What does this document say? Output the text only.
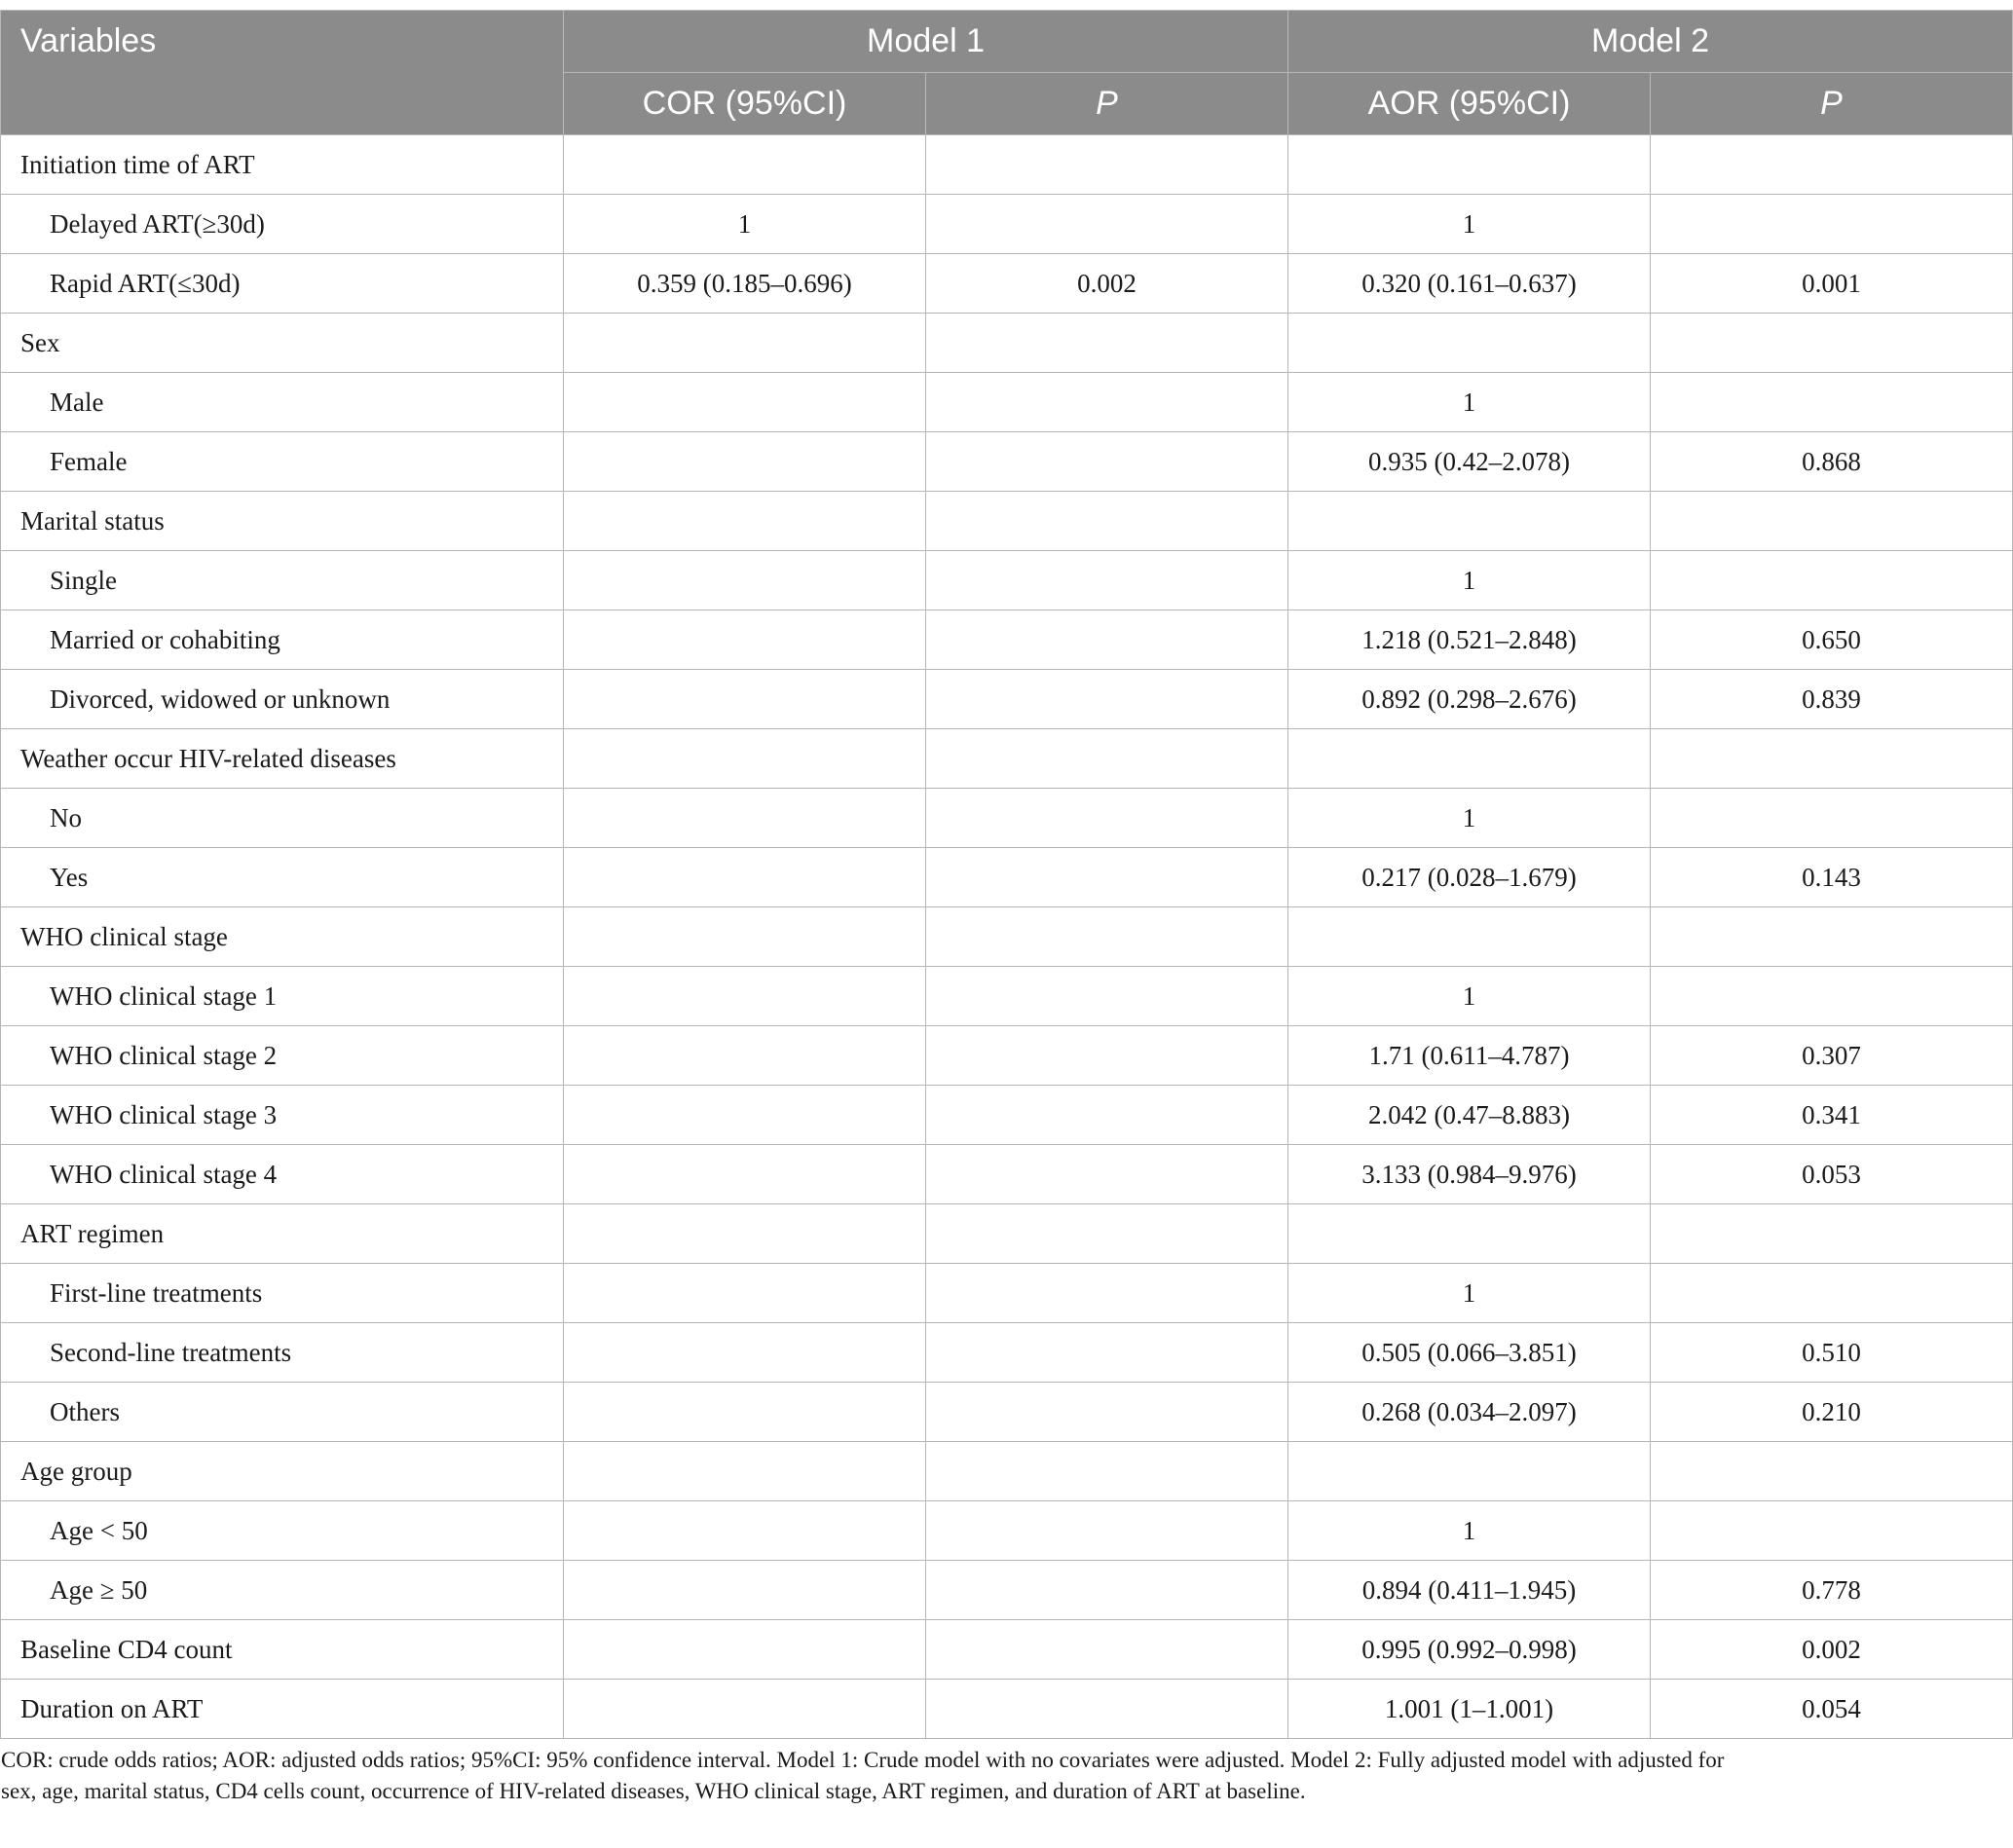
Variables	Model 1		Model 2	
	COR (95%CI)	P	AOR (95%CI)	P
Initiation time of ART				
Delayed ART(≥30d)	1		1	
Rapid ART(≤30d)	0.359 (0.185–0.696)	0.002	0.320 (0.161–0.637)	0.001
Sex				
Male			1	
Female			0.935 (0.42–2.078)	0.868
Marital status				
Single			1	
Married or cohabiting			1.218 (0.521–2.848)	0.650
Divorced, widowed or unknown			0.892 (0.298–2.676)	0.839
Weather occur HIV-related diseases				
No			1	
Yes			0.217 (0.028–1.679)	0.143
WHO clinical stage				
WHO clinical stage 1			1	
WHO clinical stage 2			1.71 (0.611–4.787)	0.307
WHO clinical stage 3			2.042 (0.47–8.883)	0.341
WHO clinical stage 4			3.133 (0.984–9.976)	0.053
ART regimen				
First-line treatments			1	
Second-line treatments			0.505 (0.066–3.851)	0.510
Others			0.268 (0.034–2.097)	0.210
Age group				
Age < 50			1	
Age ≥ 50			0.894 (0.411–1.945)	0.778
Baseline CD4 count			0.995 (0.992–0.998)	0.002
Duration on ART			1.001 (1–1.001)	0.054
COR: crude odds ratios; AOR: adjusted odds ratios; 95%CI: 95% confidence interval. Model 1: Crude model with no covariates were adjusted. Model 2: Fully adjusted model with adjusted for
sex, age, marital status, CD4 cells count, occurrence of HIV-related diseases, WHO clinical stage, ART regimen, and duration of ART at baseline.
